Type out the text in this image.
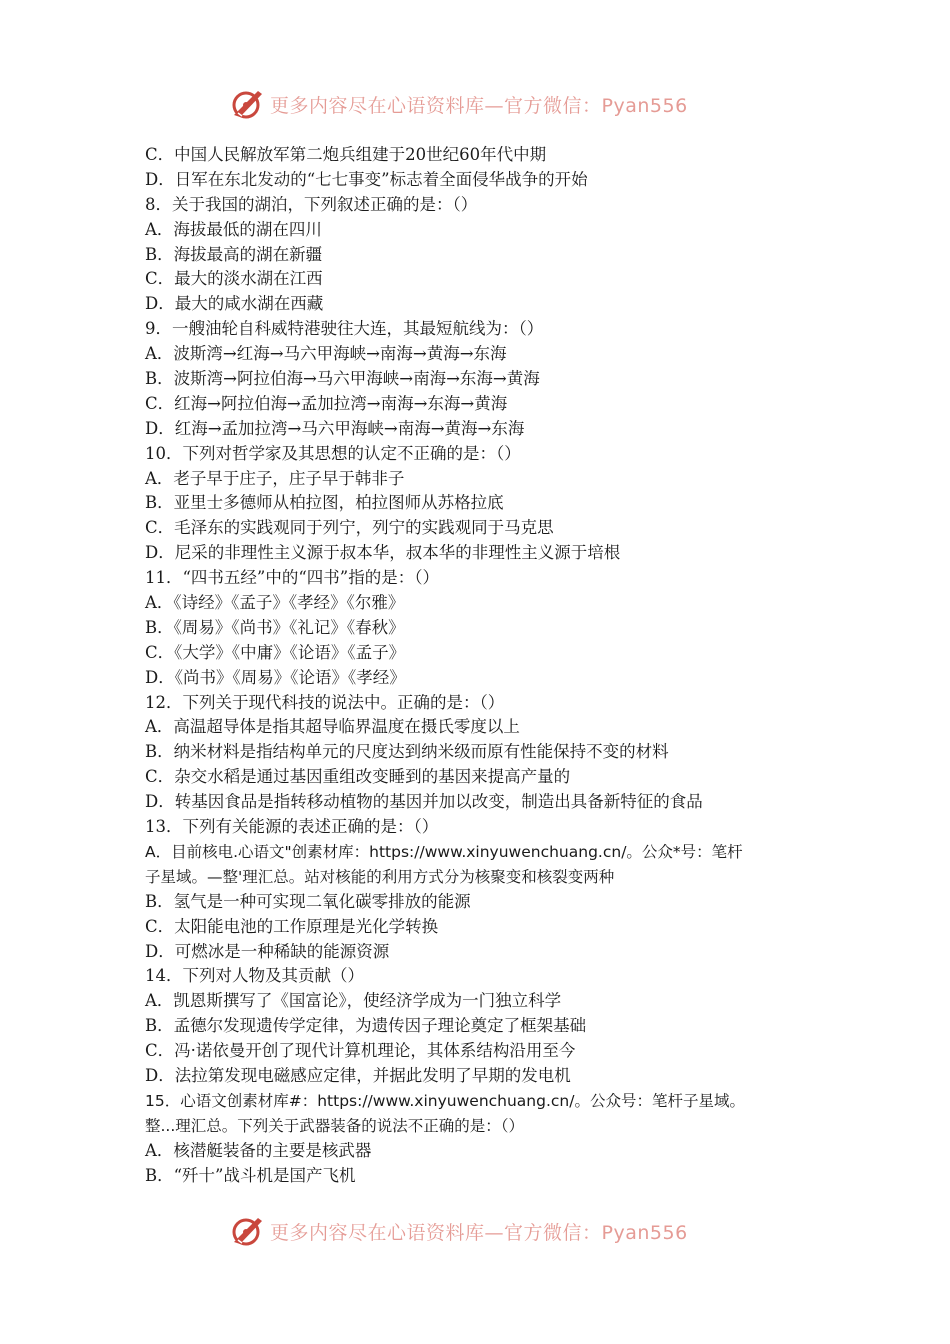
更多内容尽在心语资料库—官方微信：Pyan556
C．中国人民解放军第二炮兵组建于20世纪60年代中期
D．日军在东北发动的“七七事变”标志着全面侵华战争的开始
8．关于我国的湖泊，下列叙述正确的是：（）
A．海拔最低的湖在四川
B．海拔最高的湖在新疆
C．最大的淡水湖在江西
D．最大的咸水湖在西藏
9．一艘油轮自科威特港驶往大连，其最短航线为：（）
A．波斯湾→红海→马六甲海峡→南海→黄海→东海
B．波斯湾→阿拉伯海→马六甲海峡→南海→东海→黄海
C．红海→阿拉伯海→孟加拉湾→南海→东海→黄海
D．红海→孟加拉湾→马六甲海峡→南海→黄海→东海
10．下列对哲学家及其思想的认定不正确的是：（）
A．老子早于庄子，庄子早于韩非子
B．亚里士多德师从柏拉图，柏拉图师从苏格拉底
C．毛泽东的实践观同于列宁，列宁的实践观同于马克思
D．尼采的非理性主义源于叔本华，叔本华的非理性主义源于培根
11．“四书五经”中的“四书”指的是：（）
A．《诗经》《孟子》《孝经》《尔雅》
B．《周易》《尚书》《礼记》《春秋》
C．《大学》《中庸》《论语》《孟子》
D．《尚书》《周易》《论语》《孝经》
12．下列关于现代科技的说法中。正确的是：（）
A．高温超导体是指其超导临界温度在摄氏零度以上
B．纳米材料是指结构单元的尺度达到纳米级而原有性能保持不变的材料
C．杂交水稻是通过基因重组改变睡到的基因来提高产量的
D．转基因食品是指转移动植物的基因并加以改变，制造出具备新特征的食品
13．下列有关能源的表述正确的是：（）
A．目前核电.心语文"创素材库：https://www.xinyuwenchuang.cn/。公众*号：笔杆
子星域。—整'理汇总。站对核能的利用方式分为核聚变和核裂变两种
B．氢气是一种可实现二氧化碳零排放的能源
C．太阳能电池的工作原理是光化学转换
D．可燃冰是一种稀缺的能源资源
14．下列对人物及其贡献（）
A．凯恩斯撰写了《国富论》，使经济学成为一门独立科学
B．孟德尔发现遗传学定律，为遗传因子理论奠定了框架基础
C．冯·诺依曼开创了现代计算机理论，其体系结构沿用至今
D．法拉第发现电磁感应定律，并据此发明了早期的发电机
15．心语文创素材库#：https://www.xinyuwenchuang.cn/。公众号：笔杆子星域。
整...理汇总。下列关于武器装备的说法不正确的是：（）
A．核潜艇装备的主要是核武器
B．“歼十”战斗机是国产飞机
更多内容尽在心语资料库—官方微信：Pyan556
